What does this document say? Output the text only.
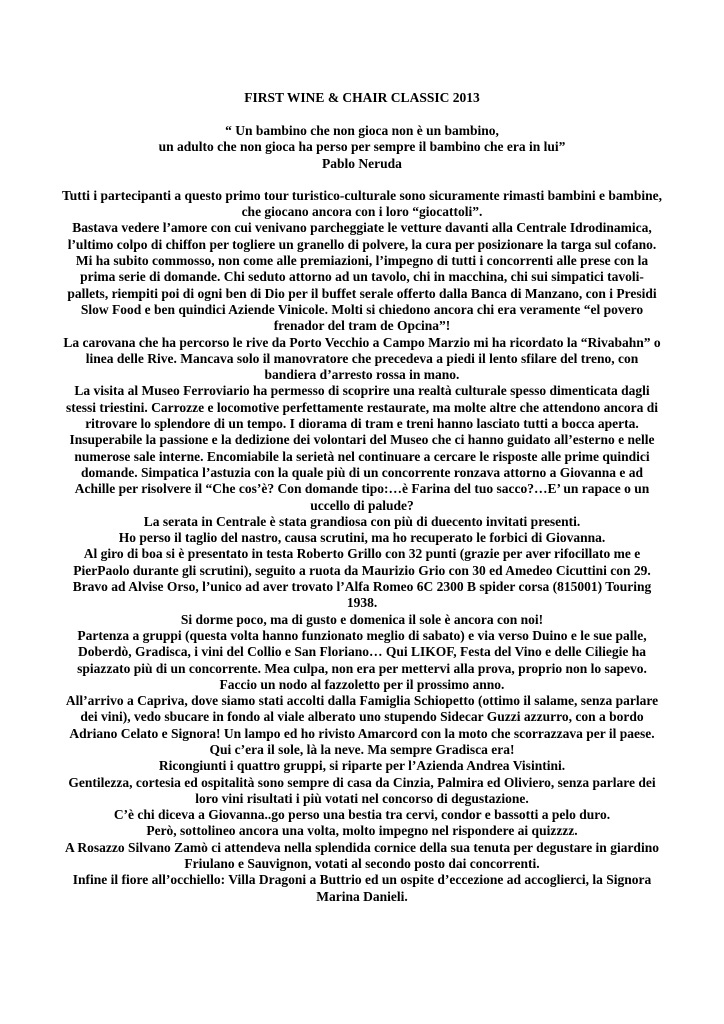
FIRST WINE & CHAIR CLASSIC 2013

“ Un bambino che non gioca non è un bambino,

un adulto che non gioca ha perso per sempre il bambino che era in lui”

Pablo Neruda

Tutti i partecipanti a questo primo tour turistico-culturale sono sicuramente rimasti bambini e bambine, che giocano ancora con i loro “giocattoli”.

Bastava vedere l’amore con cui venivano parcheggiate le vetture davanti alla Centrale Idrodinamica, l’ultimo colpo di chiffon per togliere un granello di polvere, la cura per posizionare la targa sul cofano.

Mi ha subito commosso, non come alle premiazioni, l’impegno di tutti i concorrenti alle prese con la prima serie di domande. Chi seduto attorno ad un tavolo, chi in macchina, chi sui simpatici tavoli-pallets, riempiti poi di ogni ben di Dio per il buffet serale offerto dalla Banca di Manzano, con i Presidi Slow Food e ben quindici Aziende Vinicole. Molti si chiedono ancora chi era veramente “el povero frenador del tram de Opcina”!

La carovana che ha percorso le rive da Porto Vecchio a Campo Marzio mi ha ricordato la “Rivabahn” o linea delle Rive. Mancava solo il manovratore che precedeva a piedi il lento sfilare del treno, con bandiera d’arresto rossa in mano.

La visita al Museo Ferroviario ha permesso di scoprire una realtà culturale spesso dimenticata dagli stessi triestini. Carrozze e locomotive perfettamente restaurate, ma molte altre che attendono ancora di ritrovare lo splendore di un tempo. I diorama di tram e treni hanno lasciato tutti a bocca aperta. Insuperabile la passione e la dedizione dei volontari del Museo che ci hanno guidato all’esterno e nelle numerose sale interne. Encomiabile la serietà nel continuare a cercare le risposte alle prime quindici domande. Simpatica l’astuzia con la quale più di un concorrente ronzava attorno a Giovanna e ad Achille per risolvere il “Che cos’è? Con domande tipo:…è Farina del tuo sacco?…E’ un rapace o un uccello di palude?

La serata in Centrale è stata grandiosa con più di duecento invitati presenti.

Ho perso il taglio del nastro, causa scrutini, ma ho recuperato le forbici di Giovanna.

Al giro di boa si è presentato in testa Roberto Grillo con 32 punti (grazie per aver rifocillato me e PierPaolo durante gli scrutini), seguito a ruota da Maurizio Grio con 30 ed Amedeo Cicuttini con 29. Bravo ad Alvise Orso, l’unico ad aver trovato l’Alfa Romeo 6C 2300 B spider corsa (815001) Touring 1938.

Si dorme poco, ma di gusto e domenica il sole è ancora con noi!

Partenza a gruppi (questa volta hanno funzionato meglio di sabato) e via verso Duino e le sue palle, Doberdò, Gradisca, i vini del Collio e San Floriano… Qui LIKOF, Festa del Vino e delle Ciliegie ha spiazzato più di un concorrente. Mea culpa, non era per mettervi alla prova, proprio non lo sapevo. Faccio un nodo al fazzoletto per il prossimo anno.

All’arrivo a Capriva, dove siamo stati accolti dalla Famiglia Schiopetto (ottimo il salame, senza parlare dei vini), vedo sbucare in fondo al viale alberato uno stupendo Sidecar Guzzi azzurro, con a bordo Adriano Celato e Signora! Un lampo ed ho rivisto Amarcord con la moto che scorrazzava per il paese. Qui c’era il sole, là la neve. Ma sempre Gradisca era!

Ricongiunti i quattro gruppi, si riparte per l’Azienda Andrea Visintini.

Gentilezza, cortesia ed ospitalità sono sempre di casa da Cinzia, Palmira ed Oliviero, senza parlare dei loro vini risultati i più votati nel concorso di degustazione.

C’è chi diceva a Giovanna..go perso una bestia tra cervi, condor e bassotti a pelo duro.

Però, sottolineo ancora una volta, molto impegno nel rispondere ai quizzzz.

A Rosazzo Silvano Zamò ci attendeva nella splendida cornice della sua tenuta per degustare in giardino Friulano e Sauvignon, votati al secondo posto dai concorrenti.

Infine il fiore all’occhiello: Villa Dragoni a Buttrio ed un ospite d’eccezione ad accoglierci, la Signora Marina Danieli.
